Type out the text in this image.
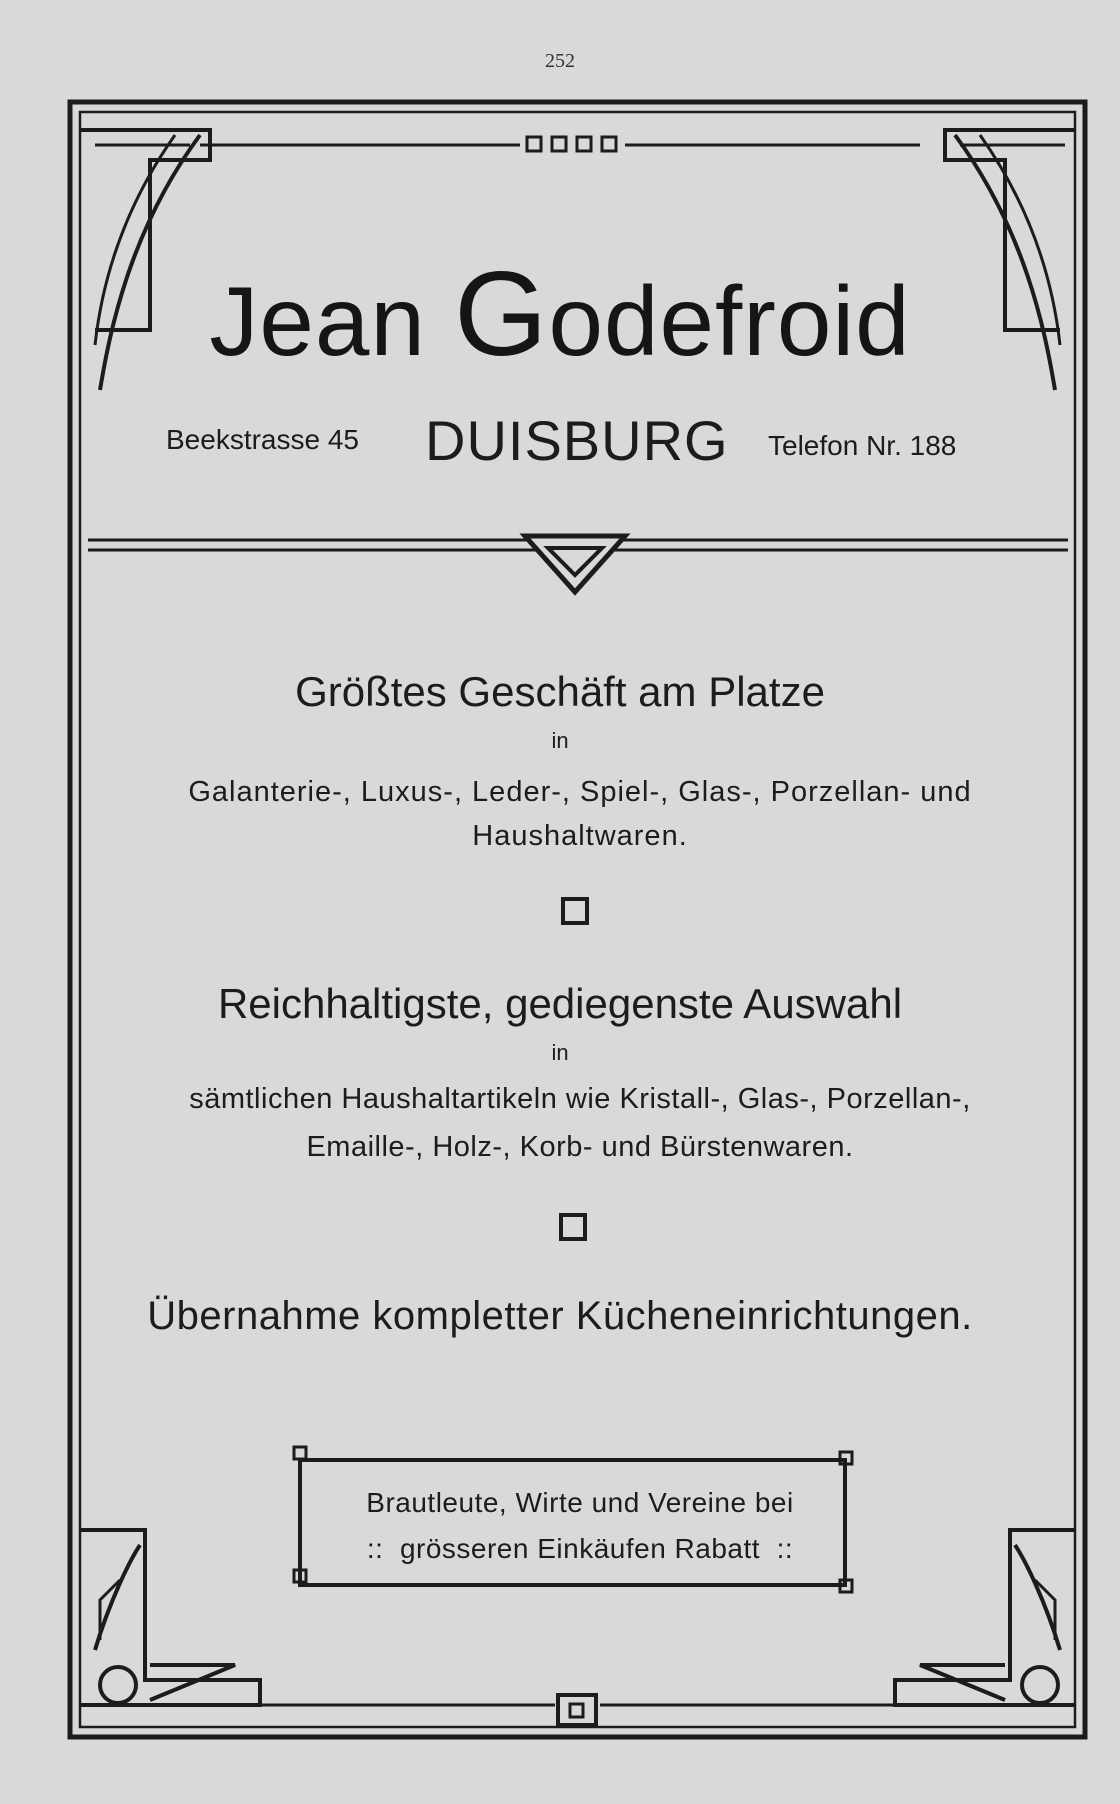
252
Jean Godefroid
Beekstrasse 45 DUISBURG Telefon Nr. 188
Größtes Geschäft am Platze
in
Galanterie-, Luxus-, Leder-, Spiel-, Glas-, Porzellan- und
Haushaltwaren.
Reichhaltigste, gediegenste Auswahl
in
sämtlichen Haushaltartikeln wie Kristall-, Glas-, Porzellan-,
Emaille-, Holz-, Korb- und Bürstenwaren.
Übernahme kompletter Kücheneinrichtungen.
Brautleute, Wirte und Vereine bei
::  grösseren Einkäufen Rabatt  ::
